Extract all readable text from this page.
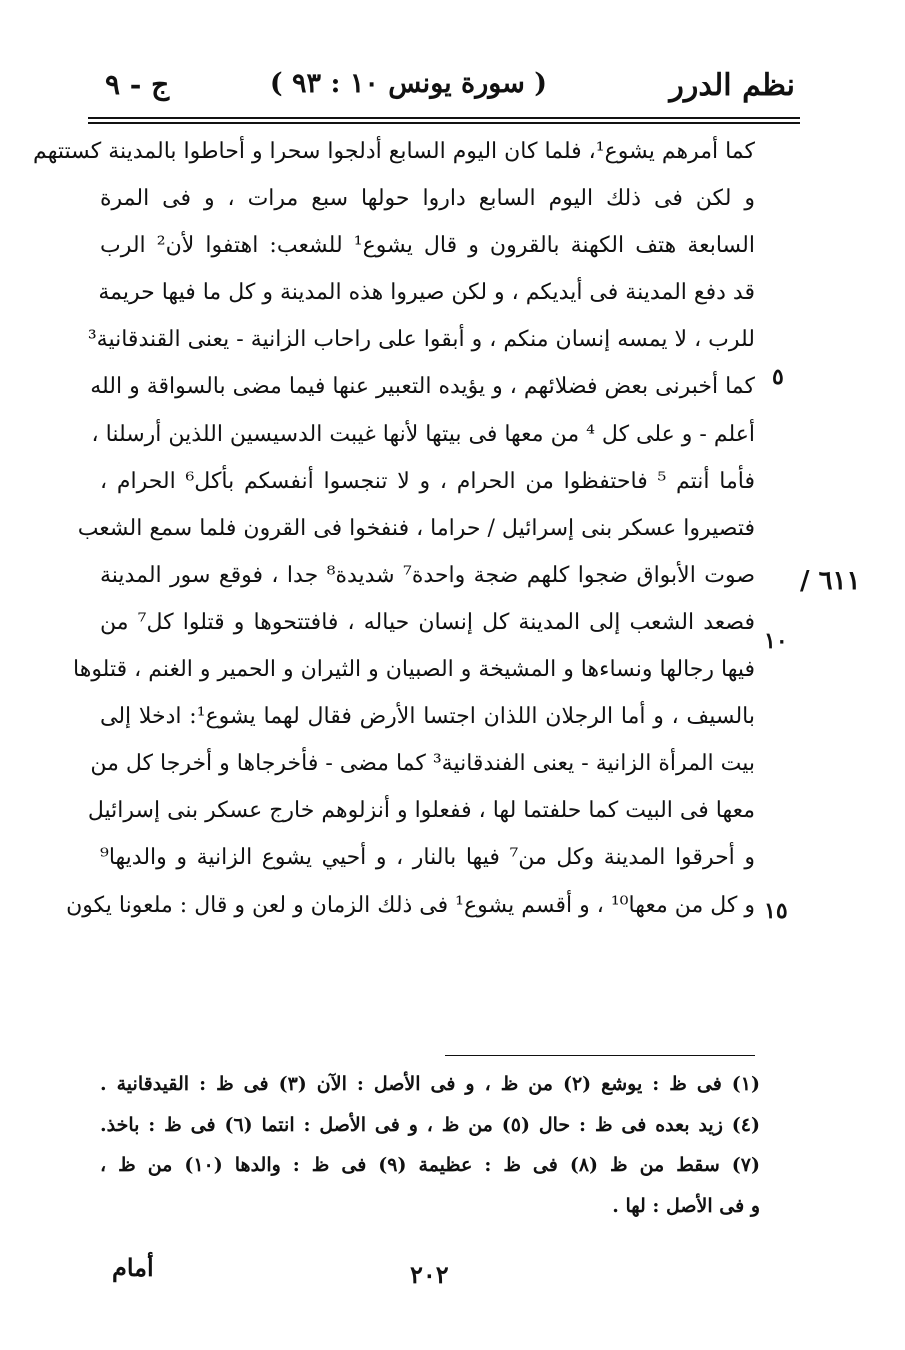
نظم الدرر
( سورة يونس ١٠ : ٩٣ )
ج - ٩
كما أمرهم يشوع¹، فلما كان اليوم السابع أدلجوا سحرا و أحاطوا بالمدينة كستتهم
و لكن فى ذلك اليوم السابع داروا حولها سبع مرات ، و فى المرة
السابعة هتف الكهنة بالقرون و قال يشوع¹ للشعب: اهتفوا لأن² الرب
قد دفع المدينة فى أيديكم ، و لكن صيروا هذه المدينة و كل ما فيها حريمة
للرب ، لا يمسه إنسان منكم ، و أبقوا على راحاب الزانية - يعنى القندقانية³
كما أخبرنى بعض فضلائهم ، و يؤيده التعبير عنها فيما مضى بالسواقة و الله
أعلم - و على كل ⁴ من معها فى بيتها لأنها غيبت الدسيسين اللذين أرسلنا ،
فأما أنتم ⁵ فاحتفظوا من الحرام ، و لا تنجسوا أنفسكم بأكل⁶ الحرام ،
فتصيروا عسكر بنى إسرائيل / حراما ، فنفخوا فى القرون فلما سمع الشعب
صوت الأبواق ضجوا كلهم ضجة واحدة⁷ شديدة⁸ جدا ، فوقع سور المدينة
فصعد الشعب إلى المدينة كل إنسان حياله ، فافتتحوها و قتلوا كل⁷ من
فيها رجالها ونساءها و المشيخة و الصبيان و الثيران و الحمير و الغنم ، قتلوها
بالسيف ، و أما الرجلان اللذان اجتسا الأرض فقال لهما يشوع¹: ادخلا إلى
بيت المرأة الزانية - يعنى الفندقانية³ كما مضى - فأخرجاها و أخرجا كل من
معها فى البيت كما حلفتما لها ، ففعلوا و أنزلوهم خارج عسكر بنى إسرائيل
و أحرقوا المدينة وكل من⁷ فيها بالنار ، و أحيي يشوع الزانية و والديها⁹
و كل من معها¹⁰ ، و أقسم يشوع¹ فى ذلك الزمان و لعن و قال : ملعونا يكون
٥
١٠
١٥
٦١١ /
(١) فى ظ : يوشع (٢) من ظ ، و فى الأصل : الآن (٣) فى ظ : القيدقانية .
(٤) زيد بعده فى ظ : حال (٥) من ظ ، و فى الأصل : انتما (٦) فى ظ : باخذ.
(٧) سقط من ظ (٨) فى ظ : عظيمة (٩) فى ظ : والدها (١٠) من ظ ،
و فى الأصل : لها .
٢٠٢
أمام
